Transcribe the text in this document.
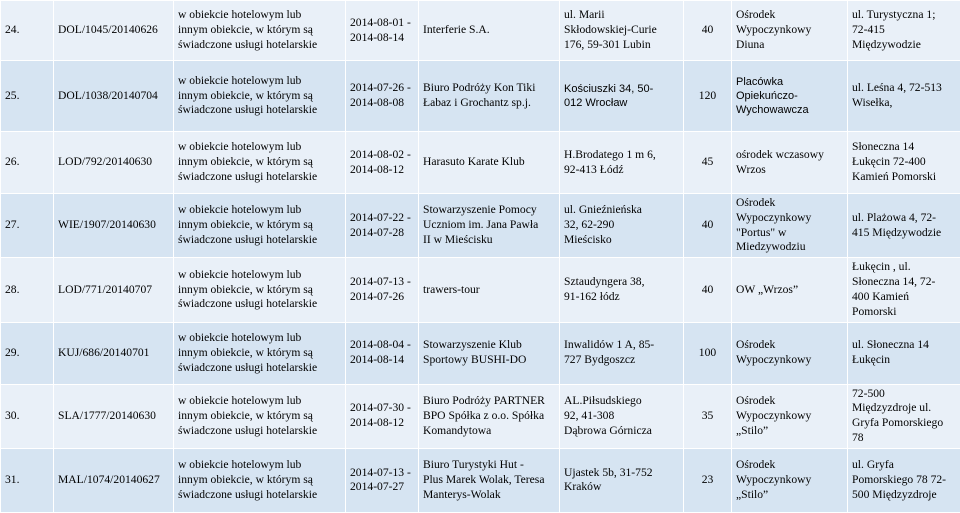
24.	DOL/1045/20140626	w obiekcie hotelowym lub
innym obiekcie, w którym są
świadczone usługi hotelarskie	2014-08-01 -
2014-08-14	Interferie S.A.	ul. Marii
Skłodowskiej-Curie
176, 59-301 Lubin	40	Ośrodek
Wypoczynkowy
Diuna	ul. Turystyczna 1;
72-415
Międzywodzie
25.	DOL/1038/20140704	w obiekcie hotelowym lub
innym obiekcie, w którym są
świadczone usługi hotelarskie	2014-07-26 -
2014-08-08	Biuro Podróży Kon Tiki
Łabaz i Grochantz sp.j.	Kościuszki 34, 50-
012 Wrocław	120	Placówka
Opiekuńczo-
Wychowawcza	ul. Leśna 4, 72-513
Wisełka,
26.	LOD/792/20140630	w obiekcie hotelowym lub
innym obiekcie, w którym są
świadczone usługi hotelarskie	2014-08-02 -
2014-08-12	Harasuto Karate Klub	H.Brodatego 1 m 6,
92-413 Łódź	45	ośrodek wczasowy
Wrzos	Słoneczna 14
Łukęcin 72-400
Kamień Pomorski
27.	WIE/1907/20140630	w obiekcie hotelowym lub
innym obiekcie, w którym są
świadczone usługi hotelarskie	2014-07-22 -
2014-07-28	Stowarzyszenie Pomocy
Uczniom im. Jana Pawła
II w Mieścisku	ul. Gnieźnieńska
32, 62-290
Mieścisko	40	Ośrodek
Wypoczynkowy
"Portus" w
Miedzywodziu	ul. Plażowa 4, 72-
415 Międzywodzie
28.	LOD/771/20140707	w obiekcie hotelowym lub
innym obiekcie, w którym są
świadczone usługi hotelarskie	2014-07-13 -
2014-07-26	trawers-tour	Sztaudyngera 38,
91-162 łódz	40	OW „Wrzos”	Łukęcin , ul.
Słoneczna 14, 72-
400 Kamień
Pomorski
29.	KUJ/686/20140701	w obiekcie hotelowym lub
innym obiekcie, w którym są
świadczone usługi hotelarskie	2014-08-04 -
2014-08-14	Stowarzyszenie Klub
Sportowy BUSHI-DO	Inwalidów 1 A, 85-
727 Bydgoszcz	100	Ośrodek
Wypoczynkowy	ul. Słoneczna 14
Łukęcin
30.	SLA/1777/20140630	w obiekcie hotelowym lub
innym obiekcie, w którym są
świadczone usługi hotelarskie	2014-07-30 -
2014-08-12	Biuro Podróży PARTNER
BPO Spółka z o.o. Spółka
Komandytowa	AL.Piłsudskiego
92, 41-308
Dąbrowa Górnicza	35	Ośrodek
Wypoczynkowy
„Stilo”	72-500
Międzyzdroje ul.
Gryfa Pomorskiego
78
31.	MAL/1074/20140627	w obiekcie hotelowym lub
innym obiekcie, w którym są
świadczone usługi hotelarskie	2014-07-13 -
2014-07-27	Biuro Turystyki Hut -
Plus Marek Wolak, Teresa
Manterys-Wolak	Ujastek 5b, 31-752
Kraków	23	Ośrodek
Wypoczynkowy
„Stilo”	ul. Gryfa
Pomorskiego 78 72-
500 Międzyzdroje
